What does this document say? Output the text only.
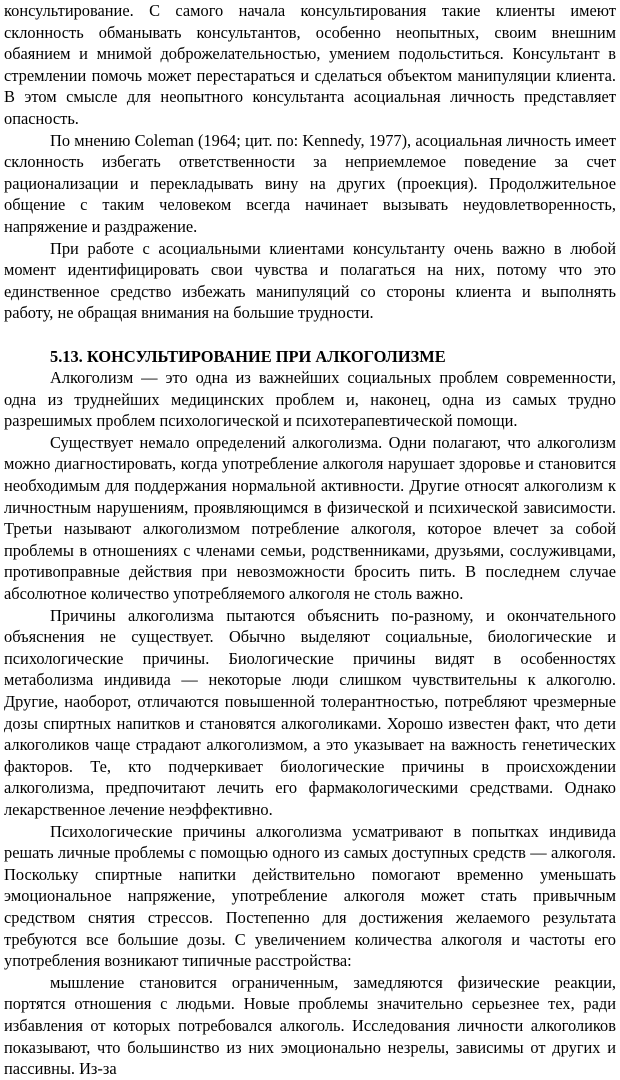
консультирование. С самого начала консультирования такие клиенты имеют склонность обманывать консультантов, особенно неопытных, своим внешним обаянием и мнимой доброжелательностью, умением подольститься. Консультант в стремлении помочь может перестараться и сделаться объектом манипуляции клиента. В этом смысле для неопытного консультанта асоциальная личность представляет опасность.

По мнению Coleman (1964; цит. по: Kennedy, 1977), асоциальная личность имеет склонность избегать ответственности за неприемлемое поведение за счет рационализации и перекладывать вину на других (проекция). Продолжительное общение с таким человеком всегда начинает вызывать неудовлетворенность, напряжение и раздражение.

При работе с асоциальными клиентами консультанту очень важно в любой момент идентифицировать свои чувства и полагаться на них, потому что это единственное средство избежать манипуляций со стороны клиента и выполнять работу, не обращая внимания на большие трудности.

5.13. КОНСУЛЬТИРОВАНИЕ ПРИ АЛКОГОЛИЗМЕ

Алкоголизм — это одна из важнейших социальных проблем современности, одна из труднейших медицинских проблем и, наконец, одна из самых трудно разрешимых проблем психологической и психотерапевтической помощи.

Существует немало определений алкоголизма. Одни полагают, что алкоголизм можно диагностировать, когда употребление алкоголя нарушает здоровье и становится необходимым для поддержания нормальной активности. Другие относят алкоголизм к личностным нарушениям, проявляющимся в физической и психической зависимости. Третьи называют алкоголизмом потребление алкоголя, которое влечет за собой проблемы в отношениях с членами семьи, родственниками, друзьями, сослуживцами, противоправные действия при невозможности бросить пить. В последнем случае абсолютное количество употребляемого алкоголя не столь важно.

Причины алкоголизма пытаются объяснить по-разному, и окончательного объяснения не существует. Обычно выделяют социальные, биологические и психологические причины. Биологические причины видят в особенностях метаболизма индивида — некоторые люди слишком чувствительны к алкоголю. Другие, наоборот, отличаются повышенной толерантностью, потребляют чрезмерные дозы спиртных напитков и становятся алкоголиками. Хорошо известен факт, что дети алкоголиков чаще страдают алкоголизмом, а это указывает на важность генетических факторов. Те, кто подчеркивает биологические причины в происхождении алкоголизма, предпочитают лечить его фармакологическими средствами. Однако лекарственное лечение неэффективно.

Психологические причины алкоголизма усматривают в попытках индивида решать личные проблемы с помощью одного из самых доступных средств — алкоголя. Поскольку спиртные напитки действительно помогают временно уменьшать эмоциональное напряжение, употребление алкоголя может стать привычным средством снятия стрессов. Постепенно для достижения желаемого результата требуются все большие дозы. С увеличением количества алкоголя и частоты его употребления возникают типичные расстройства:

мышление становится ограниченным, замедляются физические реакции, портятся отношения с людьми. Новые проблемы значительно серьезнее тех, ради избавления от которых потребовался алкоголь. Исследования личности алкоголиков показывают, что большинство из них эмоционально незрелы, зависимы от других и пассивны. Из-за
